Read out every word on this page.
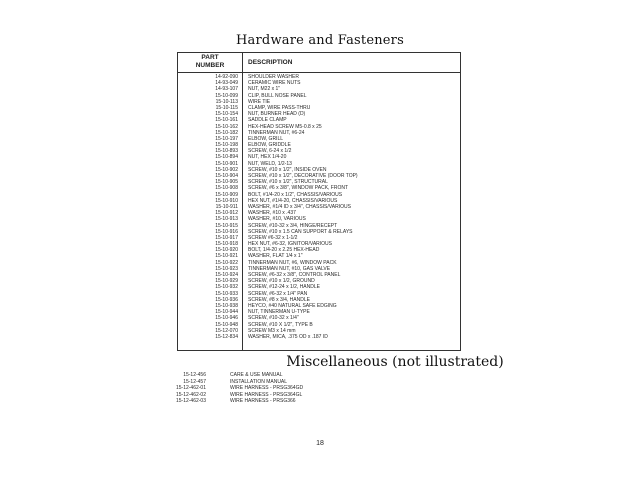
Hardware and Fasteners
PART
NUMBER	DESCRIPTION
14-92-090 SHOULDER WASHER
14-93-049 CERAMIC WIRE NUTS
14-93-107 NUT, M22 x 1"
15-10-099 CLIP, BULL NOSE PANEL
15-10-113 WIRE TIE
15-10-115 CLAMP, WIRE PASS-THRU
15-10-154 NUT, BURNER HEAD (D)
15-10-161 SADDLE CLAMP
15-10-162 HEX-HEAD SCREW M5-0.8 x 25
15-10-182 TINNERMAN NUT, #6-24
15-10-197 ELBOW, GRILL
15-10-198 ELBOW, GRIDDLE
15-10-893 SCREW, 6-24 x 1/2
15-10-894 NUT, HEX 1/4-20
15-10-901 NUT, WELD, 1/2-13
15-10-902 SCREW, #10 x 1/2", INSIDE OVEN
15-10-904 SCREW, #10 x 1/2", DECORATIVE (DOOR TOP)
15-10-905 SCREW, #10 x 1/2", STRUCTURAL
15-10-908 SCREW, #6 x 3/8", WINDOW PACK, FRONT
15-10-909 BOLT, #1/4-20 x 1/2", CHASSIS/VARIOUS
15-10-910 HEX NUT, #1/4-20, CHASSIS/VARIOUS
15-10-911 WASHER, #1/4 ID x 3/4", CHASSIS/VARIOUS
15-10-912 WASHER, #10 x .437
15-10-913 WASHER, #10, VARIOUS
15-10-915 SCREW, #10-32 x 3/4, HINGE/RECEPT
15-10-916 SCREW, #10 x 1.5 CAN SUPPORT & RELAYS
15-10-917 SCREW #6-32 x 1-1/2
15-10-918 HEX NUT, #6-32, IGNITOR/VARIOUS
15-10-920 BOLT, 1/4-20 x 2.25 HEX-HEAD
15-10-921 WASHER, FLAT 1/4 x 1"
15-10-922 TINNERMAN NUT, #6, WINDOW PACK
15-10-923 TINNERMAN NUT, #10, GAS VALVE
15-10-924 SCREW, #6-32 x 3/8", CONTROL PANEL
15-10-929 SCREW, #10 x 1/2, GROUND
15-10-932 SCREW, #12-24 x 1/2, HANDLE
15-10-933 SCREW, #6-32 x 1/4" PAN
15-10-936 SCREW, #8 x 3/4, HANDLE
15-10-938 HEYCO, #40 NATURAL SAFE EDGING
15-10-944 NUT, TINNERMAN U-TYPE
15-10-946 SCREW, #10-32 x 1/4"
15-10-948 SCREW, #10 X 1/2", TYPE B
15-12-070 SCREW M3 x 14 mm
15-12-834 WASHER, MICA, .375 OD x .187 ID
Miscellaneous (not illustrated)
15-12-456	CARE & USE MANUAL
15-12-457	INSTALLATION MANUAL
15-12-462-01	WIRE HARNESS - PRSG364GD
15-12-462-02	WIRE HARNESS - PRSG364GL
15-12-462-03	WIRE HARNESS - PRSG366
18
